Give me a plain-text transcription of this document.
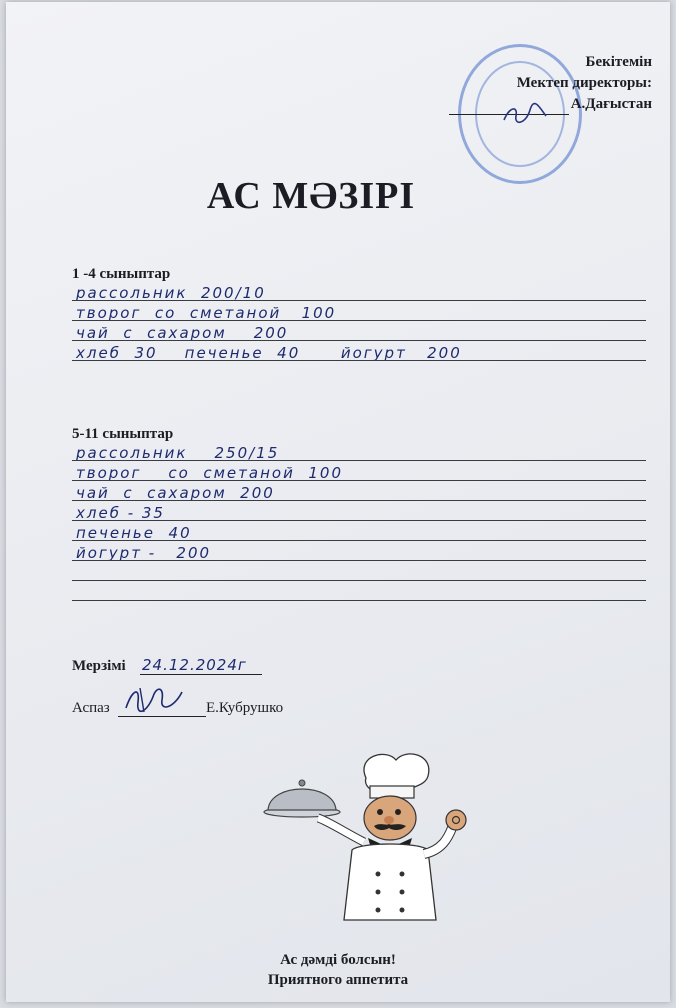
Бекітемін
Мектеп директоры:
А.Дағыстан
АС МӘЗІРІ
1 -4 сыныптар
рассольник  200/10
творог  со  сметаной   100
чай  с  сахаром    200
хлеб  30    печенье  40      йогурт   200
5-11 сыныптар
рассольник    250/15
творог    со  сметаной  100
чай  с  сахаром  200
хлеб - 35
печенье  40
йогурт -   200
Мерзімі 24.12.2024г
Аспаз	Е.Кубрушко
Ас дәмді болсын!
Приятного аппетита
